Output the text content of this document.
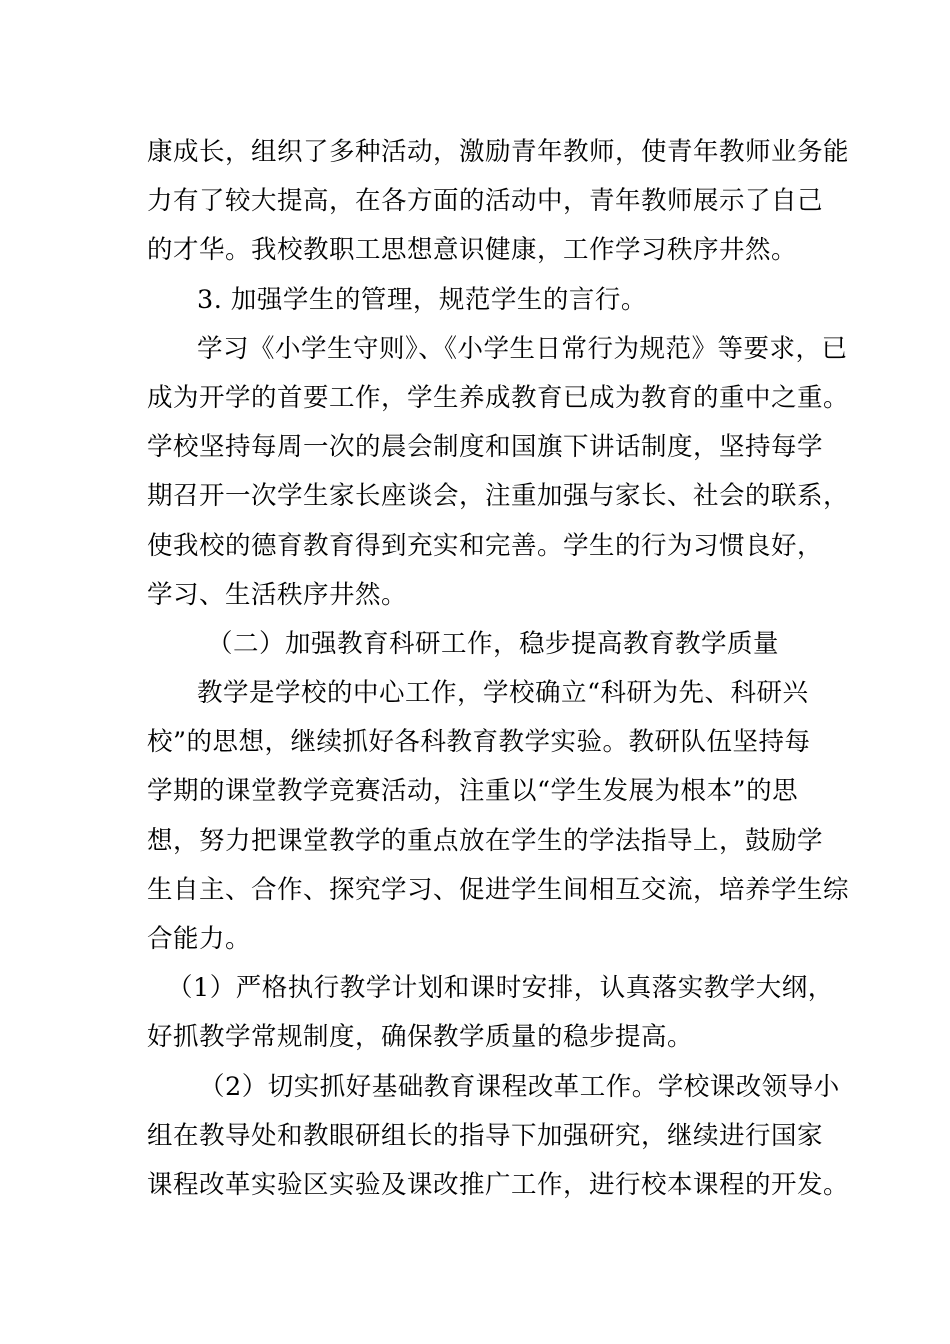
康成长，组织了多种活动，激励青年教师，使青年教师业务能
力有了较大提高，在各方面的活动中，青年教师展示了自己
的才华。我校教职工思想意识健康，工作学习秩序井然。
3. 加强学生的管理，规范学生的言行。
学习《小学生守则》、《小学生日常行为规范》等要求，已
成为开学的首要工作，学生养成教育已成为教育的重中之重。
学校坚持每周一次的晨会制度和国旗下讲话制度，坚持每学
期召开一次学生家长座谈会，注重加强与家长、社会的联系，
使我校的德育教育得到充实和完善。学生的行为习惯良好，
学习、生活秩序井然。
（二）加强教育科研工作，稳步提高教育教学质量
教学是学校的中心工作，学校确立“科研为先、科研兴
校”的思想，继续抓好各科教育教学实验。教研队伍坚持每
学期的课堂教学竞赛活动，注重以“学生发展为根本”的思
想，努力把课堂教学的重点放在学生的学法指导上，鼓励学
生自主、合作、探究学习、促进学生间相互交流，培养学生综
合能力。
（1）严格执行教学计划和课时安排，认真落实教学大纲，
好抓教学常规制度，确保教学质量的稳步提高。
（2）切实抓好基础教育课程改革工作。学校课改领导小
组在教导处和教眼研组长的指导下加强研究，继续进行国家
课程改革实验区实验及课改推广工作，进行校本课程的开发。
